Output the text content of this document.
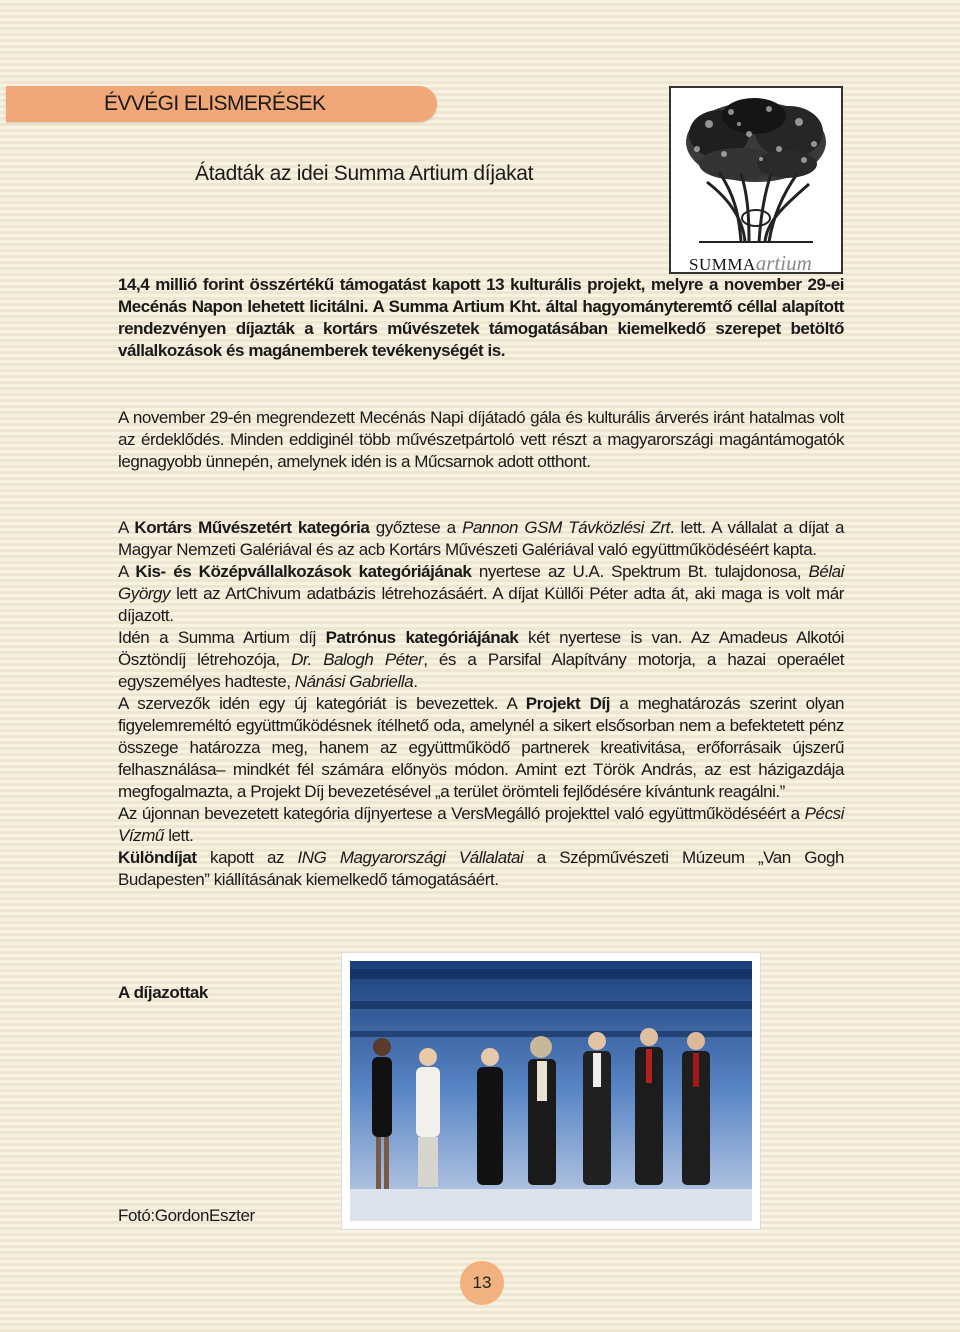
ÉVVÉGI ELISMERÉSEK
Átadták az idei Summa Artium díjakat
SUMMAartium
14,4 millió forint összértékű támogatást kapott 13 kulturális projekt, melyre a november 29-ei Mecénás Napon lehetett licitálni. A Summa Artium Kht. által hagyományteremtő céllal alapított rendezvényen díjazták a kortárs művészetek támogatásában kiemelkedő szerepet betöltő vállalkozások és magánemberek tevékenységét is.
A november 29-én megrendezett Mecénás Napi díjátadó gála és kulturális árverés iránt hatalmas volt az érdeklődés. Minden eddiginél több művészetpártoló vett részt a magyarországi magántámogatók legnagyobb ünnepén, amelynek idén is a Műcsarnok adott otthont.

A Kortárs Művészetért kategória győztese a Pannon GSM Távközlési Zrt. lett. A vállalat a díjat a Magyar Nemzeti Galériával és az acb Kortárs Művészeti Galériával való együttműködéséért kapta.

A Kis- és Középvállalkozások kategóriájának nyertese az U.A. Spektrum Bt. tulajdonosa, Bélai György lett az ArtChivum adatbázis létrehozásáért. A díjat Küllői Péter adta át, aki maga is volt már díjazott.

Idén a Summa Artium díj Patrónus kategóriájának két nyertese is van. Az Amadeus Alkotói Ösztöndíj létrehozója, Dr. Balogh Péter, és a Parsifal Alapítvány motorja, a hazai operaélet egyszemélyes hadteste, Nánási Gabriella.

A szervezők idén egy új kategóriát is bevezettek. A Projekt Díj a meghatározás szerint olyan figyelemreméltó együttműködésnek ítélhető oda, amelynél a sikert elsősorban nem a befektetett pénz összege határozza meg, hanem az együttműködő partnerek kreativitása, erőforrásaik újszerű felhasználása– mindkét fél számára előnyös módon. Amint ezt Török András, az est házigazdája megfogalmazta, a Projekt Díj bevezetésével „a terület örömteli fejlődésére kívántunk reagálni.”

Az újonnan bevezetett kategória díjnyertese a VersMegálló projekttel való együttműködéséért a Pécsi Vízmű lett.

Különdíjat kapott az ING Magyarországi Vállalatai a Szépművészeti Múzeum „Van Gogh Budapesten” kiállításának kiemelkedő támogatásáért.

A díjazottak
Fotó:GordonEszter
13
